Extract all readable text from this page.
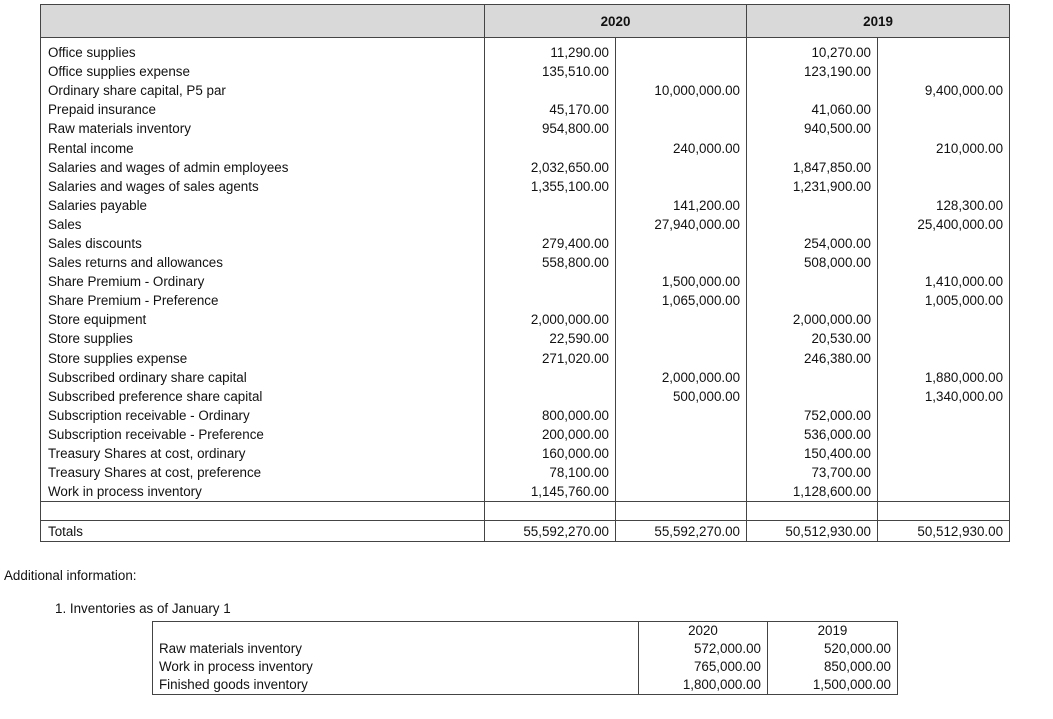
	2020		2019	
Office supplies	11,290.00		10,270.00	
Office supplies expense	135,510.00		123,190.00	
Ordinary share capital, P5 par		10,000,000.00		9,400,000.00
Prepaid insurance	45,170.00		41,060.00	
Raw materials inventory	954,800.00		940,500.00	
Rental income		240,000.00		210,000.00
Salaries and wages of admin employees	2,032,650.00		1,847,850.00	
Salaries and wages of sales agents	1,355,100.00		1,231,900.00	
Salaries payable		141,200.00		128,300.00
Sales		27,940,000.00		25,400,000.00
Sales discounts	279,400.00		254,000.00	
Sales returns and allowances	558,800.00		508,000.00	
Share Premium - Ordinary		1,500,000.00		1,410,000.00
Share Premium - Preference		1,065,000.00		1,005,000.00
Store equipment	2,000,000.00		2,000,000.00	
Store supplies	22,590.00		20,530.00	
Store supplies expense	271,020.00		246,380.00	
Subscribed ordinary share capital		2,000,000.00		1,880,000.00
Subscribed preference share capital		500,000.00		1,340,000.00
Subscription receivable - Ordinary	800,000.00		752,000.00	
Subscription receivable - Preference	200,000.00		536,000.00	
Treasury Shares at cost, ordinary	160,000.00		150,400.00	
Treasury Shares at cost, preference	78,100.00		73,700.00	
Work in process inventory	1,145,760.00		1,128,600.00	

Totals	55,592,270.00	55,592,270.00	50,512,930.00	50,512,930.00
Additional information:
1. Inventories as of January 1
	2020	2019
Raw materials inventory	572,000.00	520,000.00
Work in process inventory	765,000.00	850,000.00
Finished goods inventory	1,800,000.00	1,500,000.00
